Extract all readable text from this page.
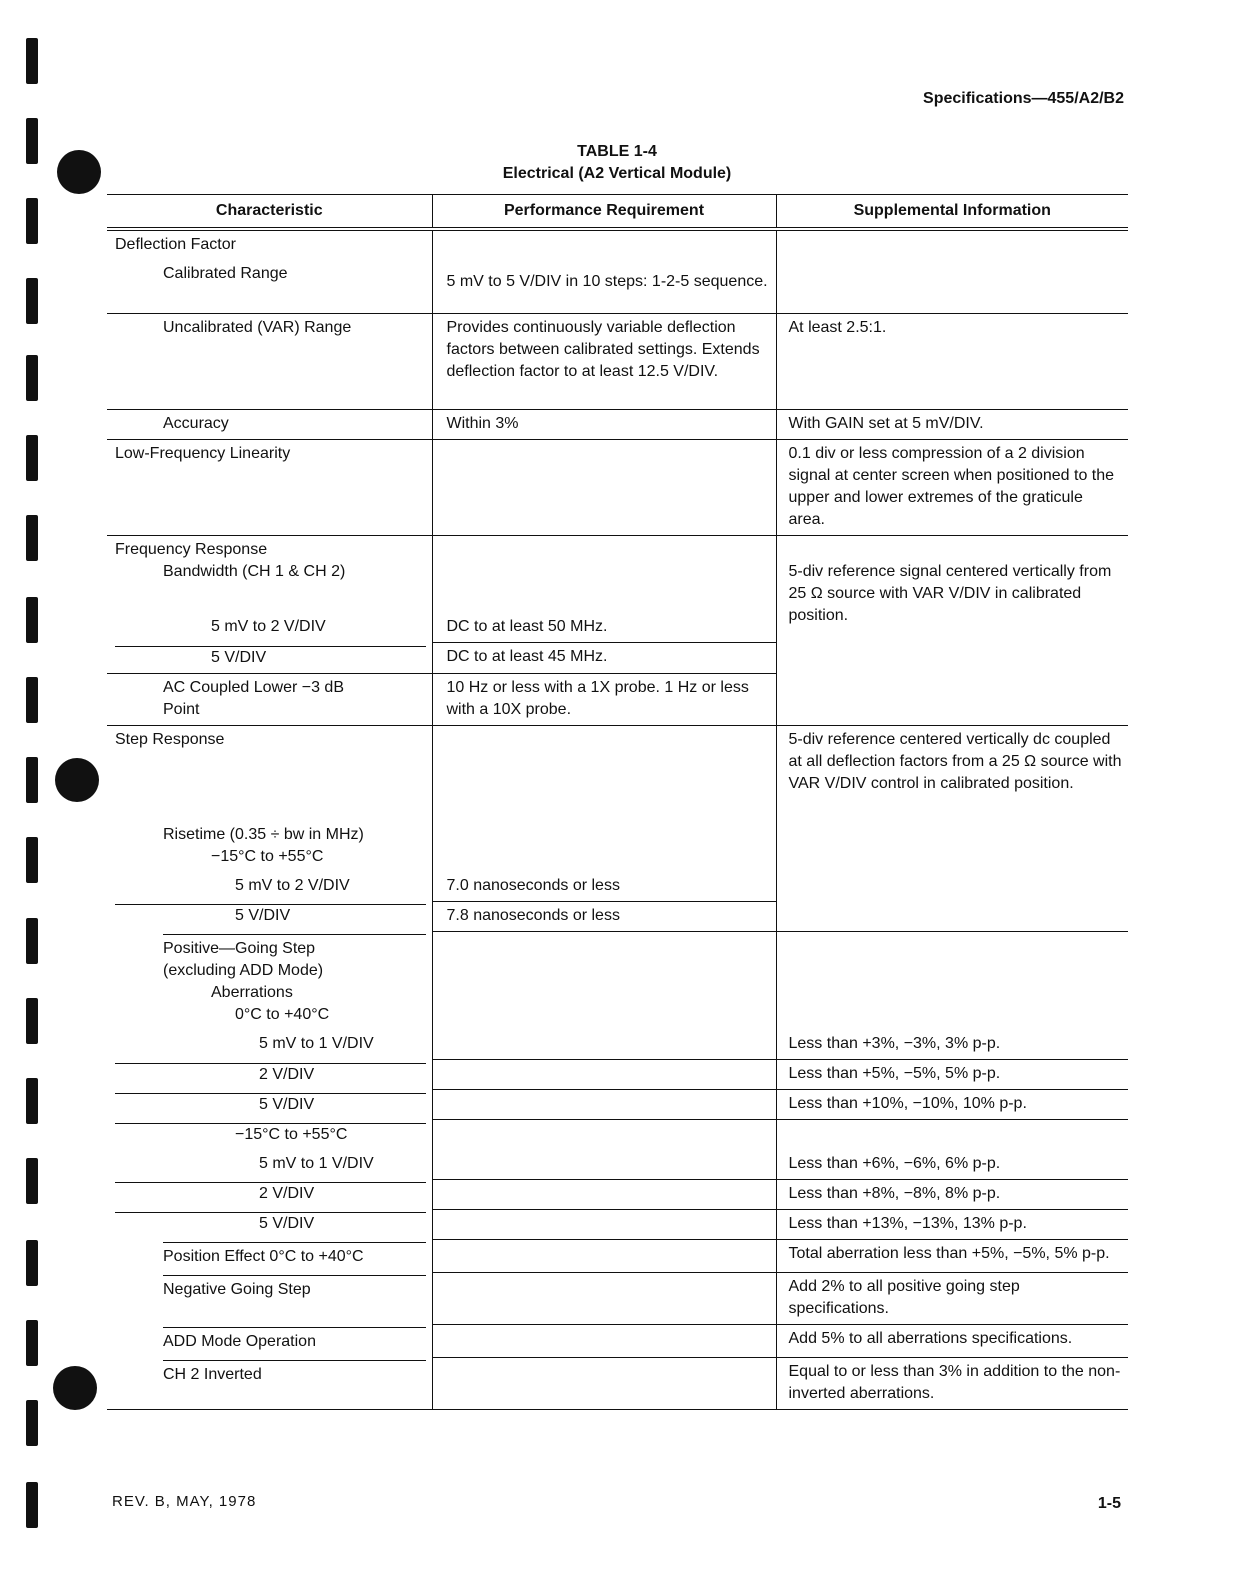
Specifications—455/A2/B2
TABLE 1-4
Electrical (A2 Vertical Module)
Characteristic	Performance Requirement	Supplemental Information

Deflection Factor		

Calibrated Range	5 mV to 5 V/DIV in 10 steps: 1-2-5 sequence.	

Uncalibrated (VAR) Range	Provides continuously variable deflection factors between calibrated settings. Extends deflection factor to at least 12.5 V/DIV.	At least 2.5:1.

Accuracy	Within 3%	With GAIN set at 5 mV/DIV.

Low-Frequency Linearity		0.1 div or less compression of a 2 division signal at center screen when positioned to the upper and lower extremes of the graticule area.

Frequency Response
Bandwidth (CH 1 & CH 2)		5-div reference signal centered vertically from 25 Ω source with VAR V/DIV in calibrated position.

5 mV to 2 V/DIV	DC to at least 50 MHz.	

5 V/DIV	DC to at least 45 MHz.	

AC Coupled Lower −3 dB Point	10 Hz or less with a 1X probe. 1 Hz or less with a 10X probe.	

Step Response		5-div reference centered vertically dc coupled at all deflection factors from a 25 Ω source with VAR V/DIV control in calibrated position.

Risetime (0.35 ÷ bw in MHz)
−15°C to +55°C		

5 mV to 2 V/DIV	7.0 nanoseconds or less	

5 V/DIV	7.8 nanoseconds or less	

Positive—Going Step (excluding ADD Mode)
Aberrations
0°C to +40°C		

5 mV to 1 V/DIV		Less than +3%, −3%, 3% p-p.

2 V/DIV		Less than +5%, −5%, 5% p-p.

5 V/DIV		Less than +10%, −10%, 10% p-p.

−15°C to +55°C		

5 mV to 1 V/DIV		Less than +6%, −6%, 6% p-p.

2 V/DIV		Less than +8%, −8%, 8% p-p.

5 V/DIV		Less than +13%, −13%, 13% p-p.

Position Effect 0°C to +40°C		Total aberration less than +5%, −5%, 5% p-p.

Negative Going Step		Add 2% to all positive going step specifications.

ADD Mode Operation		Add 5% to all aberrations specifications.

CH 2 Inverted		Equal to or less than 3% in addition to the non-inverted aberrations.
REV. B, MAY, 1978	1-5
